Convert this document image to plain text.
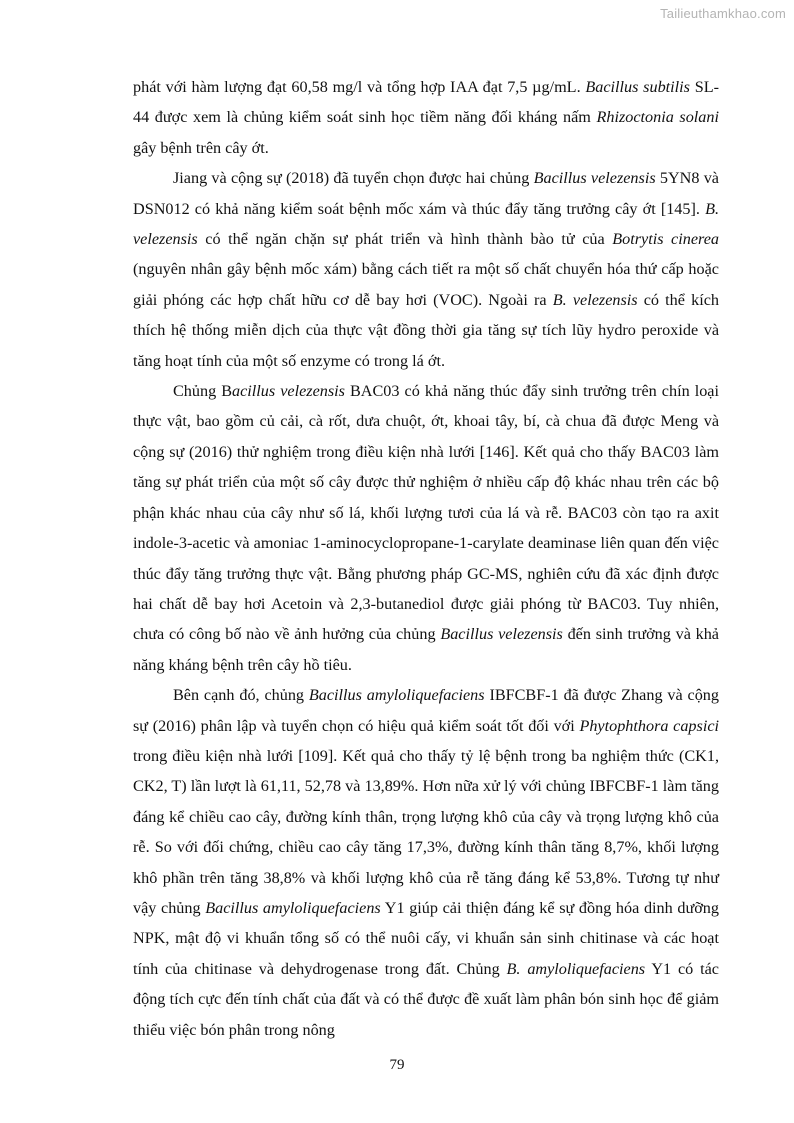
Tailieuthamkhao.com

phát với hàm lượng đạt 60,58 mg/l và tổng hợp IAA đạt 7,5 µg/mL. Bacillus subtilis SL-44 được xem là chủng kiểm soát sinh học tiềm năng đối kháng nấm Rhizoctonia solani gây bệnh trên cây ớt.

Jiang và cộng sự (2018) đã tuyển chọn được hai chủng Bacillus velezensis 5YN8 và DSN012 có khả năng kiểm soát bệnh mốc xám và thúc đẩy tăng trưởng cây ớt [145]. B. velezensis có thể ngăn chặn sự phát triển và hình thành bào tử của Botrytis cinerea (nguyên nhân gây bệnh mốc xám) bằng cách tiết ra một số chất chuyển hóa thứ cấp hoặc giải phóng các hợp chất hữu cơ dễ bay hơi (VOC). Ngoài ra B. velezensis có thể kích thích hệ thống miễn dịch của thực vật đồng thời gia tăng sự tích lũy hydro peroxide và tăng hoạt tính của một số enzyme có trong lá ớt.

Chủng Bacillus velezensis BAC03 có khả năng thúc đẩy sinh trưởng trên chín loại thực vật, bao gồm củ cải, cà rốt, dưa chuột, ớt, khoai tây, bí, cà chua đã được Meng và cộng sự (2016) thử nghiệm trong điều kiện nhà lưới [146]. Kết quả cho thấy BAC03 làm tăng sự phát triển của một số cây được thử nghiệm ở nhiều cấp độ khác nhau trên các bộ phận khác nhau của cây như số lá, khối lượng tươi của lá và rễ. BAC03 còn tạo ra axit indole-3-acetic và amoniac 1-aminocyclopropane-1-carylate deaminase liên quan đến việc thúc đẩy tăng trưởng thực vật. Bằng phương pháp GC-MS, nghiên cứu đã xác định được hai chất dễ bay hơi Acetoin và 2,3-butanediol được giải phóng từ BAC03. Tuy nhiên, chưa có công bố nào về ảnh hưởng của chủng Bacillus velezensis đến sinh trưởng và khả năng kháng bệnh trên cây hồ tiêu.

Bên cạnh đó, chủng Bacillus amyloliquefaciens IBFCBF-1 đã được Zhang và cộng sự (2016) phân lập và tuyển chọn có hiệu quả kiểm soát tốt đối với Phytophthora capsici trong điều kiện nhà lưới [109]. Kết quả cho thấy tỷ lệ bệnh trong ba nghiệm thức (CK1, CK2, T) lần lượt là 61,11, 52,78 và 13,89%. Hơn nữa xử lý với chủng IBFCBF-1 làm tăng đáng kể chiều cao cây, đường kính thân, trọng lượng khô của cây và trọng lượng khô của rễ. So với đối chứng, chiều cao cây tăng 17,3%, đường kính thân tăng 8,7%, khối lượng khô phần trên tăng 38,8% và khối lượng khô của rễ tăng đáng kể 53,8%. Tương tự như vậy chủng Bacillus amyloliquefaciens Y1 giúp cải thiện đáng kể sự đồng hóa dinh dưỡng NPK, mật độ vi khuẩn tổng số có thể nuôi cấy, vi khuẩn sản sinh chitinase và các hoạt tính của chitinase và dehydrogenase trong đất. Chủng B. amyloliquefaciens Y1 có tác động tích cực đến tính chất của đất và có thể được đề xuất làm phân bón sinh học để giảm thiểu việc bón phân trong nông

79
